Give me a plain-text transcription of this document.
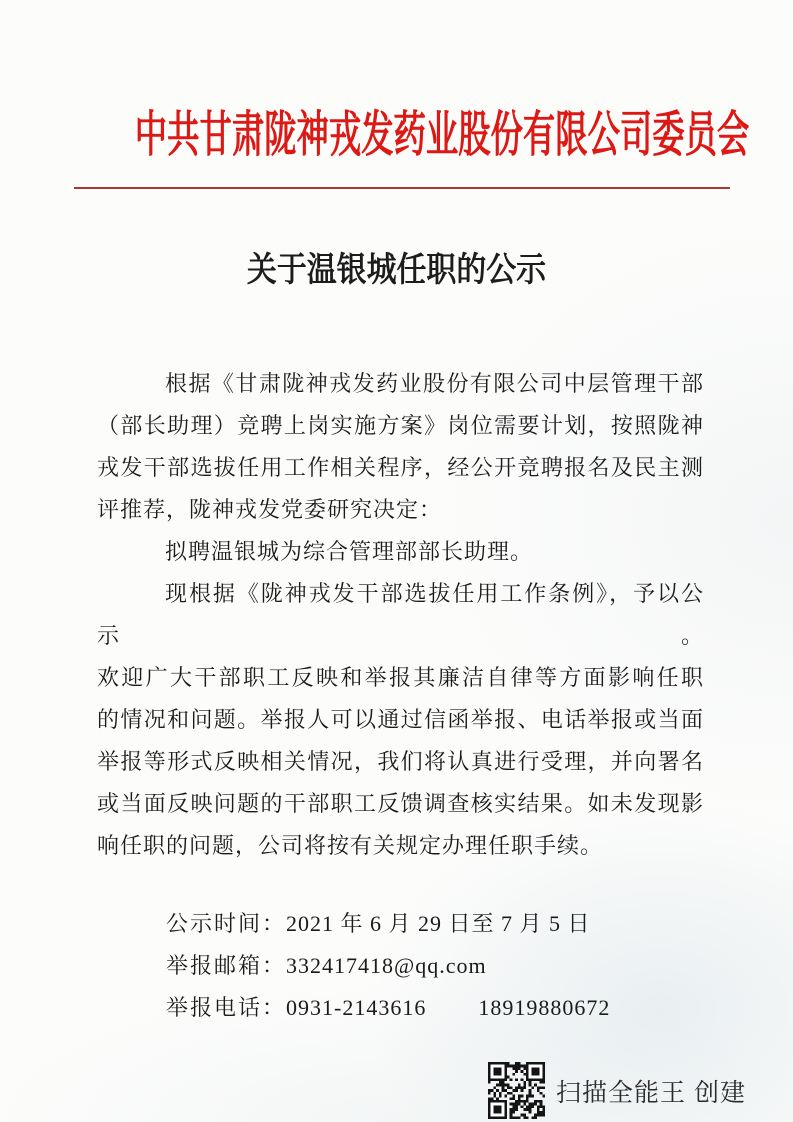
中共甘肃陇神戎发药业股份有限公司委员会
关于温银城任职的公示
根据《甘肃陇神戎发药业股份有限公司中层管理干部
（部长助理）竞聘上岗实施方案》岗位需要计划，按照陇神
戎发干部选拔任用工作相关程序，经公开竞聘报名及民主测
评推荐，陇神戎发党委研究决定：
拟聘温银城为综合管理部部长助理。
现根据《陇神戎发干部选拔任用工作条例》，予以公示。
欢迎广大干部职工反映和举报其廉洁自律等方面影响任职
的情况和问题。举报人可以通过信函举报、电话举报或当面
举报等形式反映相关情况，我们将认真进行受理，并向署名
或当面反映问题的干部职工反馈调查核实结果。如未发现影
响任职的问题，公司将按有关规定办理任职手续。
公示时间：2021 年 6 月 29 日至 7 月 5 日
举报邮箱：332417418@qq.com
举报电话：0931-2143616 18919880672
扫描全能王 创建
